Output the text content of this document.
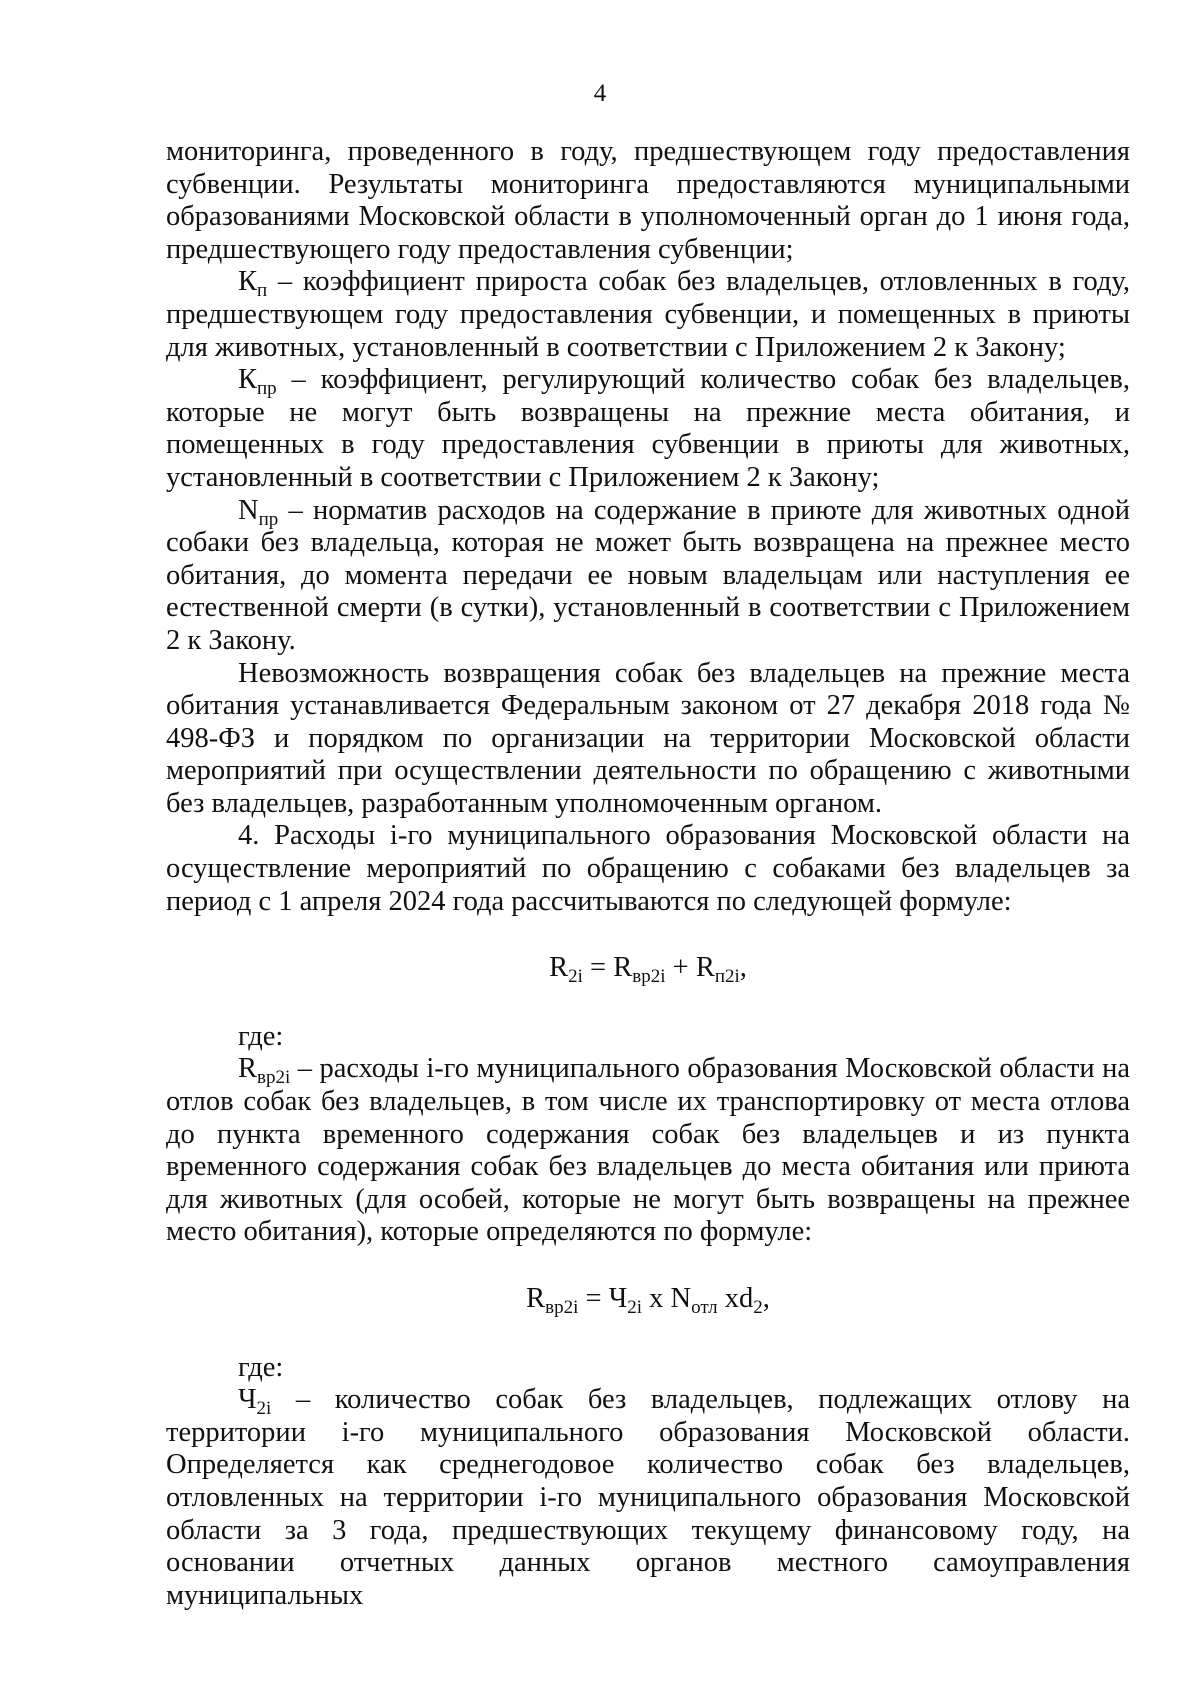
4

мониторинга, проведенного в году, предшествующем году предоставления субвенции. Результаты мониторинга предоставляются муниципальными образованиями Московской области в уполномоченный орган до 1 июня года, предшествующего году предоставления субвенции;

$К_п$ – коэффициент прироста собак без владельцев, отловленных в году, предшествующем году предоставления субвенции, и помещенных в приюты для животных, установленный в соответствии с Приложением 2 к Закону;

$К_{пр}$ – коэффициент, регулирующий количество собак без владельцев, которые не могут быть возвращены на прежние места обитания, и помещенных в году предоставления субвенции в приюты для животных, установленный в соответствии с Приложением 2 к Закону;

$N_{пр}$ – норматив расходов на содержание в приюте для животных одной собаки без владельца, которая не может быть возвращена на прежнее место обитания, до момента передачи ее новым владельцам или наступления ее естественной смерти (в сутки), установленный в соответствии с Приложением 2 к Закону.

Невозможность возвращения собак без владельцев на прежние места обитания устанавливается Федеральным законом от 27 декабря 2018 года № 498-ФЗ и порядком по организации на территории Московской области мероприятий при осуществлении деятельности по обращению с животными без владельцев, разработанным уполномоченным органом.

4. Расходы i-го муниципального образования Московской области на осуществление мероприятий по обращению с собаками без владельцев за период с 1 апреля 2024 года рассчитываются по следующей формуле:

$R_{2i} = R_{вр2i} + R_{п2i}$,

где:

$R_{вр2i}$ – расходы i-го муниципального образования Московской области на отлов собак без владельцев, в том числе их транспортировку от места отлова до пункта временного содержания собак без владельцев и из пункта временного содержания собак без владельцев до места обитания или приюта для животных (для особей, которые не могут быть возвращены на прежнее место обитания), которые определяются по формуле:

$R_{вр2i} = Ч_{2i}$ x $N_{отл}$ $xd_2$,

где:

$Ч_{2i}$ – количество собак без владельцев, подлежащих отлову на территории i-го муниципального образования Московской области. Определяется как среднегодовое количество собак без владельцев, отловленных на территории i-го муниципального образования Московской области за 3 года, предшествующих текущему финансовому году, на основании отчетных данных органов местного самоуправления муниципальных
